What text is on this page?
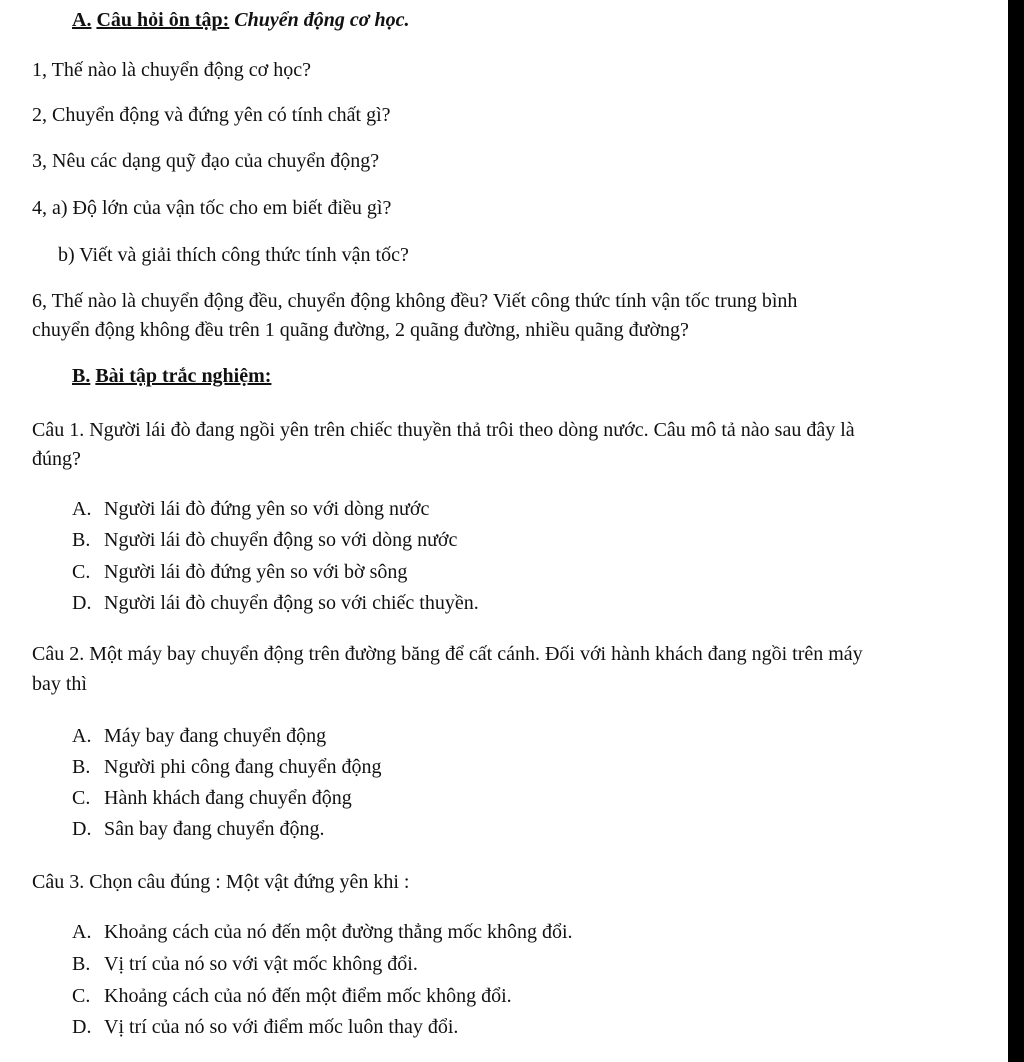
A. Câu hỏi ôn tập: Chuyển động cơ học.
1, Thế nào là chuyển động cơ học?
2, Chuyển động và đứng yên có tính chất gì?
3, Nêu các dạng quỹ đạo của chuyển động?
4, a) Độ lớn của vận tốc cho em biết điều gì?
b) Viết và giải thích công thức tính vận tốc?
6, Thế nào là chuyển động đều, chuyển động không đều? Viết công thức tính vận tốc trung bình
chuyển động không đều trên 1 quãng đường, 2 quãng đường, nhiều quãng đường?
B. Bài tập trắc nghiệm:
Câu 1. Người lái đò đang ngồi yên trên chiếc thuyền thả trôi theo dòng nước. Câu mô tả nào sau đây là
đúng?
A. Người lái đò đứng yên so với dòng nước
B. Người lái đò chuyển động so với dòng nước
C. Người lái đò đứng yên so với bờ sông
D. Người lái đò chuyển động so với chiếc thuyền.
Câu 2. Một máy bay chuyển động trên đường băng để cất cánh. Đối với hành khách đang ngồi trên máy
bay thì
A. Máy bay đang chuyển động
B. Người phi công đang chuyển động
C. Hành khách đang chuyển động
D. Sân bay đang chuyển động.
Câu 3. Chọn câu đúng : Một vật đứng yên khi :
A. Khoảng cách của nó đến một đường thẳng mốc không đổi.
B. Vị trí của nó so với vật mốc không đổi.
C. Khoảng cách của nó đến một điểm mốc không đổi.
D. Vị trí của nó so với điểm mốc luôn thay đổi.
